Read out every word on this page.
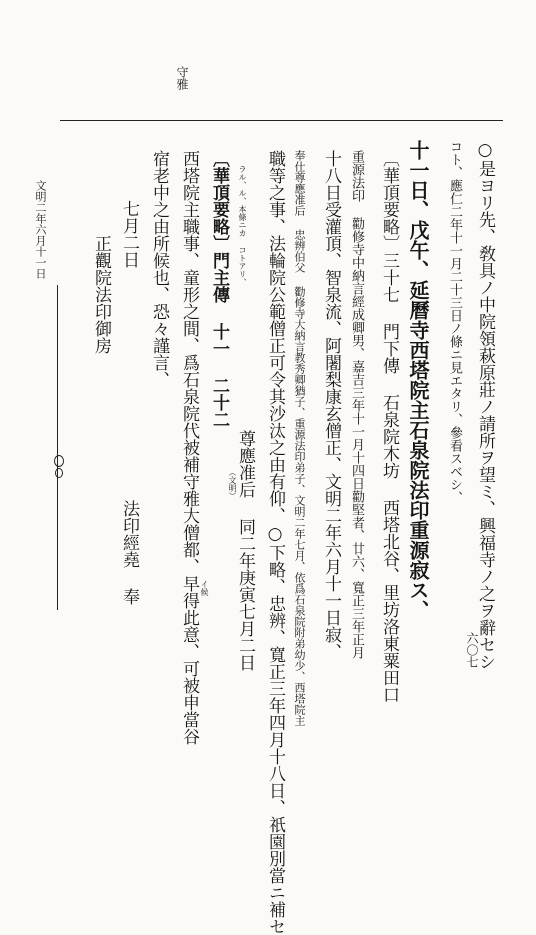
守雅
六〇七
文明二年六月十一日	○是ヨリ先、敎具ノ中院領萩原莊ノ請所ヲ望ミ、興福寺ノ之ヲ辭セシ
コト、應仁二年十一月二十三日ノ條ニ見エタリ、參看スベシ、
十一日、戊午、延曆寺西塔院主石泉院法印重源寂ス、
〔華頂要略〕三十七 門下傳 石泉院木坊 西塔北谷、里坊洛東粟田口
重源法印 勸修寺中納言經成卿男、嘉吉三年十一月十四日勸堅者、廿六、寬正三年正月
十八日受灌頂、智泉流、阿闍梨康玄僧正、文明二年六月十一日寂、
奉仕尊應准后 忠辨伯父 勸修寺大納言教秀卿猶子、重源法印弟子、文明二年七月、依爲石泉院附弟幼少、西塔院主
職等之事、法輪院公範僧正可令其沙汰之由有仰、○下略、忠辨、寬正三年四月十八日、祇園別當ニ補セ
ラル、ル、本條ニカ コトアリ、
〔華頂要略〕門主傳 十一 二十二
西塔院主職事、童形之間、爲石泉院代被補守雅大僧都、早得此意、可被申當谷
宿老中之由所候也、恐々謹言、
七月二日
正觀院法印御房
尊應准后 同二年庚寅七月二日
（文明）
イ候
法印經堯 奉
